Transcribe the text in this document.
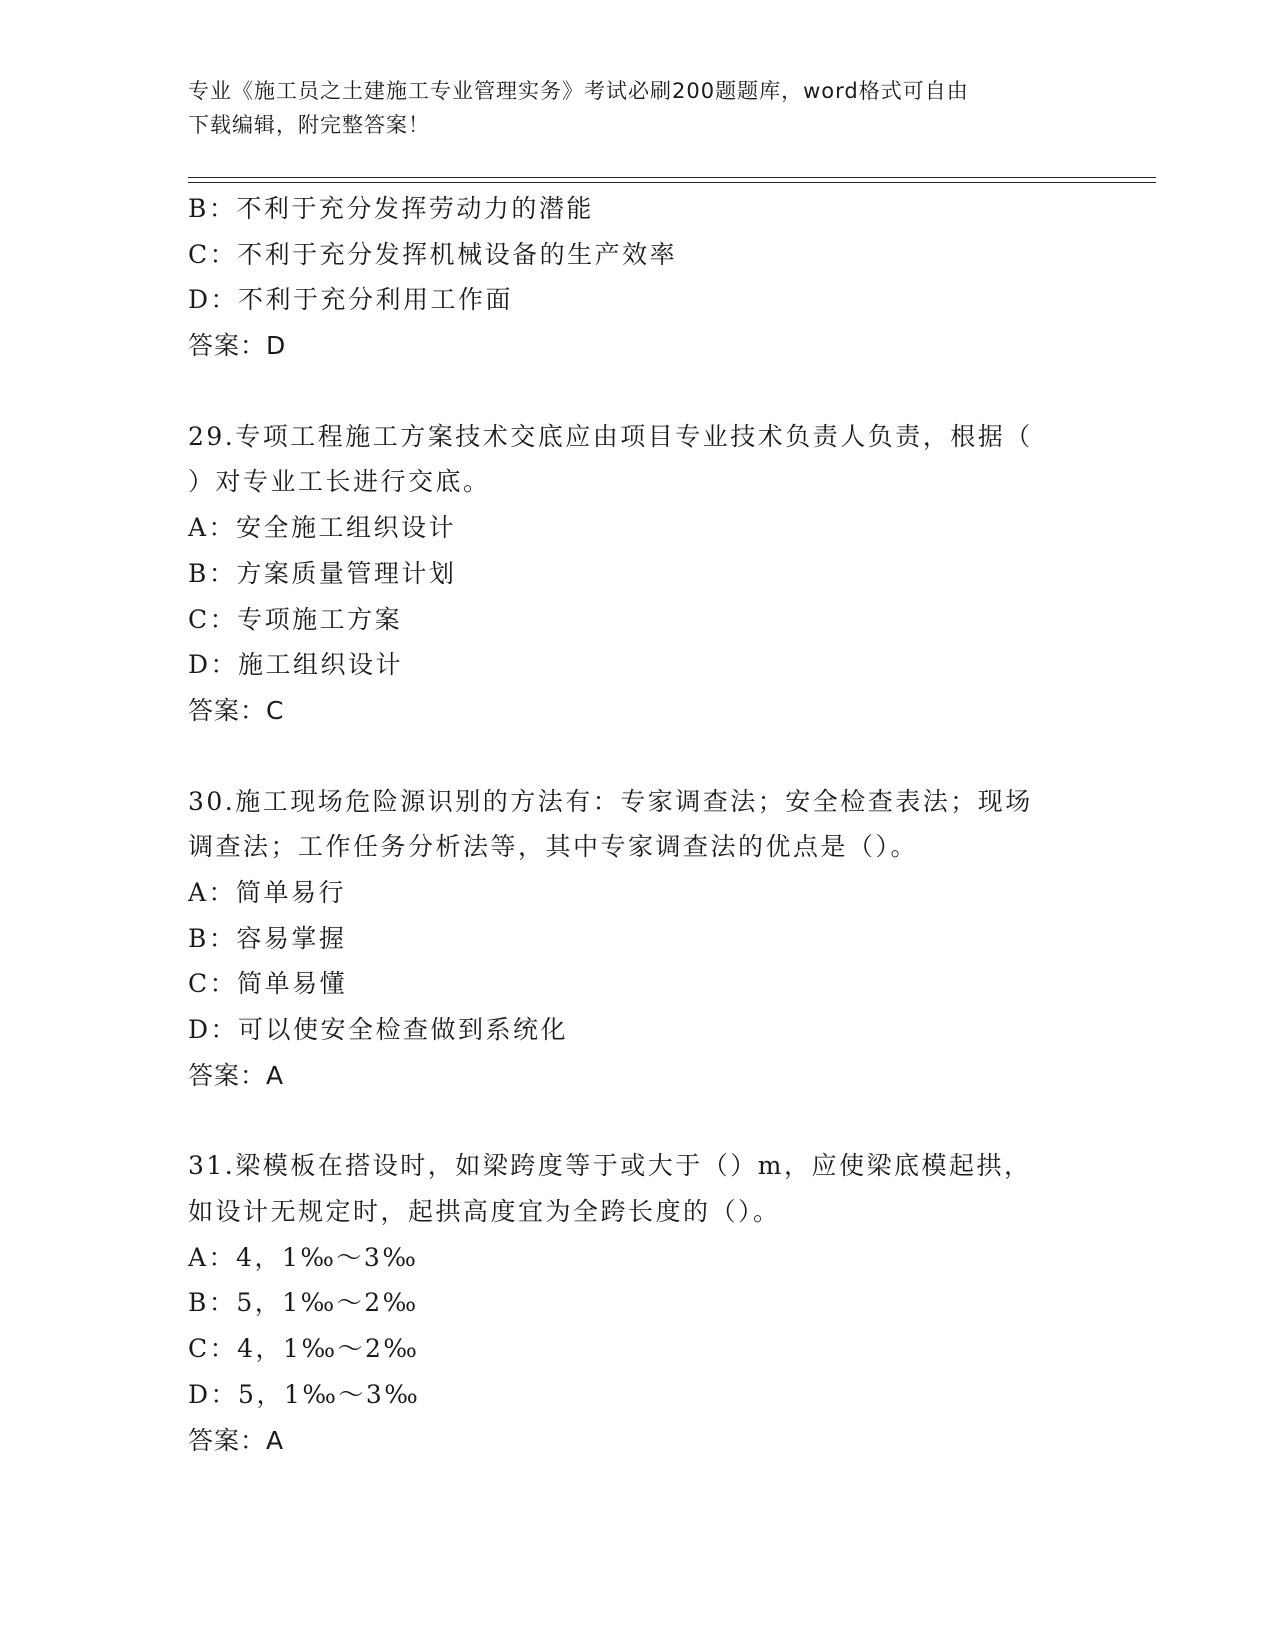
专业《施工员之土建施工专业管理实务》考试必刷200题题库，word格式可自由
下载编辑，附完整答案！
B：不利于充分发挥劳动力的潜能
C：不利于充分发挥机械设备的生产效率
D：不利于充分利用工作面
答案：D
29.专项工程施工方案技术交底应由项目专业技术负责人负责，根据（
）对专业工长进行交底。
A：安全施工组织设计
B：方案质量管理计划
C：专项施工方案
D：施工组织设计
答案：C
30.施工现场危险源识别的方法有：专家调查法；安全检查表法；现场
调查法；工作任务分析法等，其中专家调查法的优点是（）。
A：简单易行
B：容易掌握
C：简单易懂
D：可以使安全检查做到系统化
答案：A
31.梁模板在搭设时，如梁跨度等于或大于（）m，应使梁底模起拱，
如设计无规定时，起拱高度宜为全跨长度的（）。
A：4，1‰～3‰
B：5，1‰～2‰
C：4，1‰～2‰
D：5，1‰～3‰
答案：A
